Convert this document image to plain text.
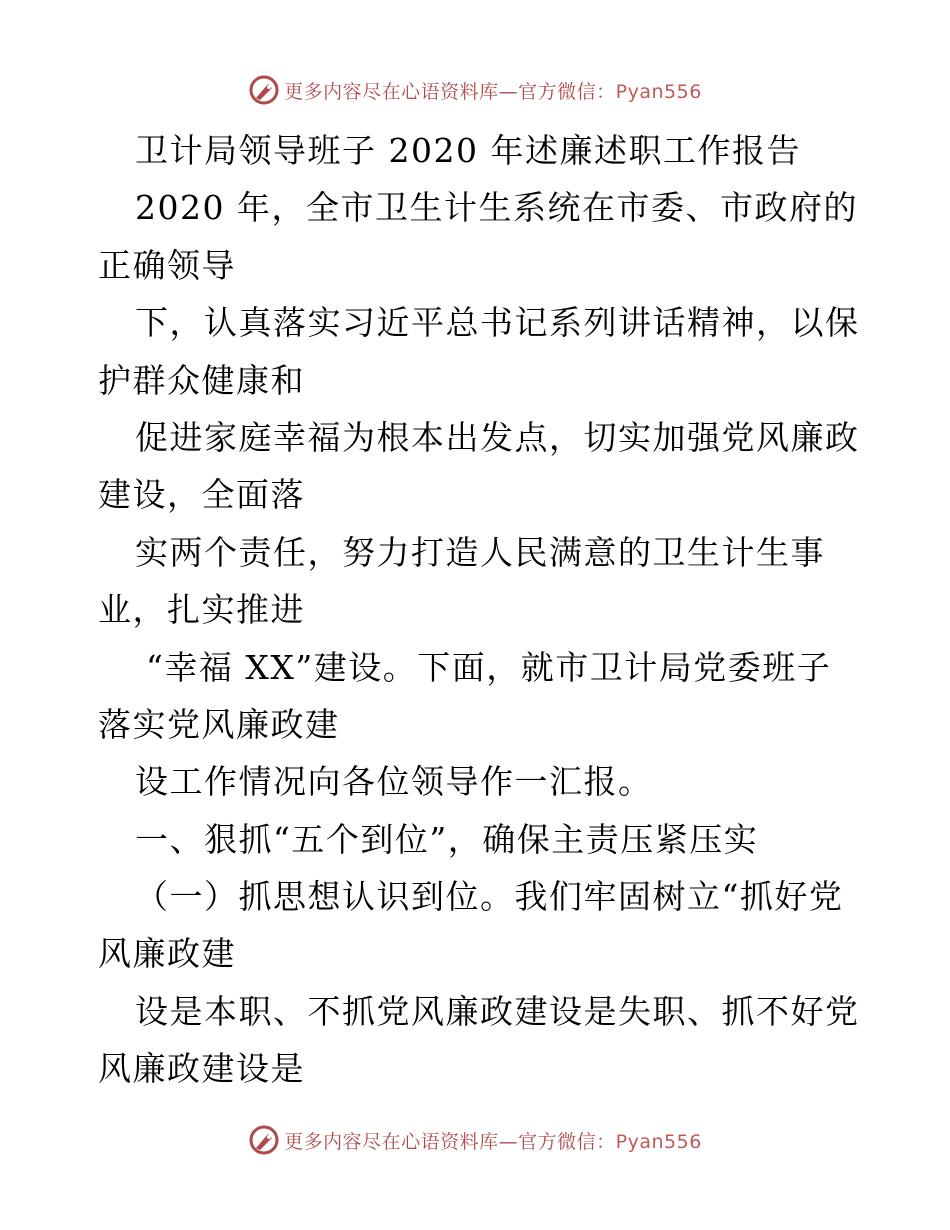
更多内容尽在心语资料库—官方微信：Pyan556
卫计局领导班子 2020 年述廉述职工作报告
2020 年，全市卫生计生系统在市委、市政府的
正确领导
下，认真落实习近平总书记系列讲话精神，以保
护群众健康和
促进家庭幸福为根本出发点，切实加强党风廉政
建设，全面落
实两个责任，努力打造人民满意的卫生计生事
业，扎实推进
“幸福 XX”建设。下面，就市卫计局党委班子
落实党风廉政建
设工作情况向各位领导作一汇报。
一、狠抓“五个到位”，确保主责压紧压实
（一）抓思想认识到位。我们牢固树立“抓好党
风廉政建
设是本职、不抓党风廉政建设是失职、抓不好党
风廉政建设是
更多内容尽在心语资料库—官方微信：Pyan556
